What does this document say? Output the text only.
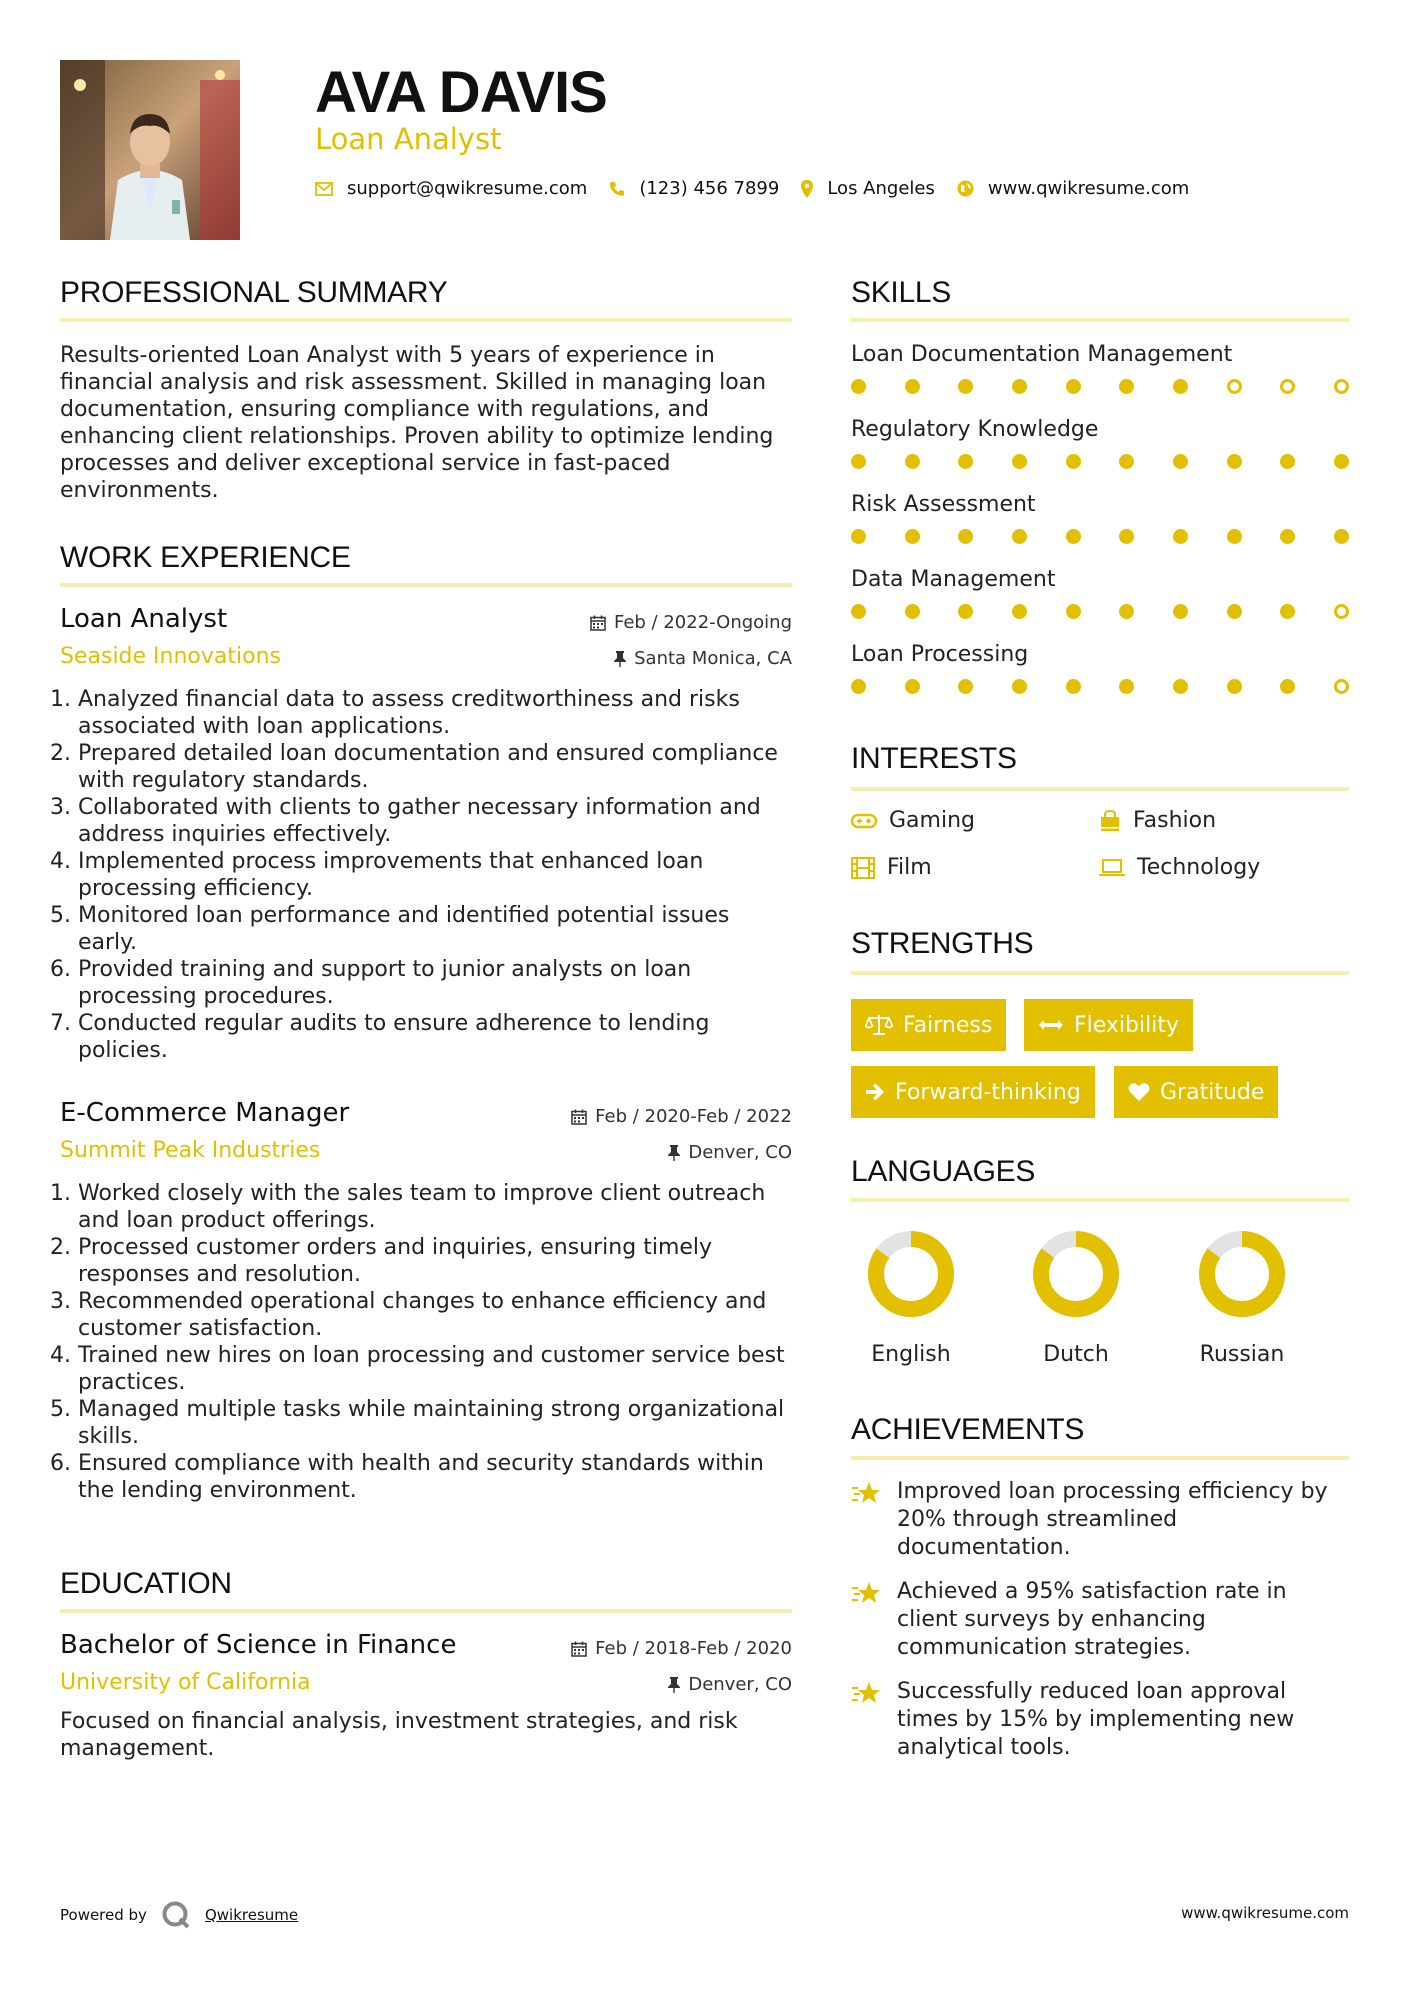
AVA DAVIS
Loan Analyst
support@qwikresume.com	(123) 456 7899	Los Angeles	www.qwikresume.com
PROFESSIONAL SUMMARY
Results-oriented Loan Analyst with 5 years of experience in financial analysis and risk assessment. Skilled in managing loan documentation, ensuring compliance with regulations, and enhancing client relationships. Proven ability to optimize lending processes and deliver exceptional service in fast-paced environments.
WORK EXPERIENCE
Loan Analyst	Feb / 2022-Ongoing
Seaside Innovations	Santa Monica, CA
1. Analyzed financial data to assess creditworthiness and risks associated with loan applications.
2. Prepared detailed loan documentation and ensured compliance with regulatory standards.
3. Collaborated with clients to gather necessary information and address inquiries effectively.
4. Implemented process improvements that enhanced loan processing efficiency.
5. Monitored loan performance and identified potential issues early.
6. Provided training and support to junior analysts on loan processing procedures.
7. Conducted regular audits to ensure adherence to lending policies.
E-Commerce Manager	Feb / 2020-Feb / 2022
Summit Peak Industries	Denver, CO
1. Worked closely with the sales team to improve client outreach and loan product offerings.
2. Processed customer orders and inquiries, ensuring timely responses and resolution.
3. Recommended operational changes to enhance efficiency and customer satisfaction.
4. Trained new hires on loan processing and customer service best practices.
5. Managed multiple tasks while maintaining strong organizational skills.
6. Ensured compliance with health and security standards within the lending environment.
EDUCATION
Bachelor of Science in Finance	Feb / 2018-Feb / 2020
University of California	Denver, CO
Focused on financial analysis, investment strategies, and risk management.
SKILLS
Loan Documentation Management
Regulatory Knowledge
Risk Assessment
Data Management
Loan Processing
INTERESTS
Gaming	Fashion
Film	Technology
STRENGTHS
Fairness	Flexibility
Forward-thinking	Gratitude
LANGUAGES
English	Dutch	Russian
ACHIEVEMENTS
Improved loan processing efficiency by 20% through streamlined documentation.
Achieved a 95% satisfaction rate in client surveys by enhancing communication strategies.
Successfully reduced loan approval times by 15% by implementing new analytical tools.
Powered by	Qwikresume	www.qwikresume.com
